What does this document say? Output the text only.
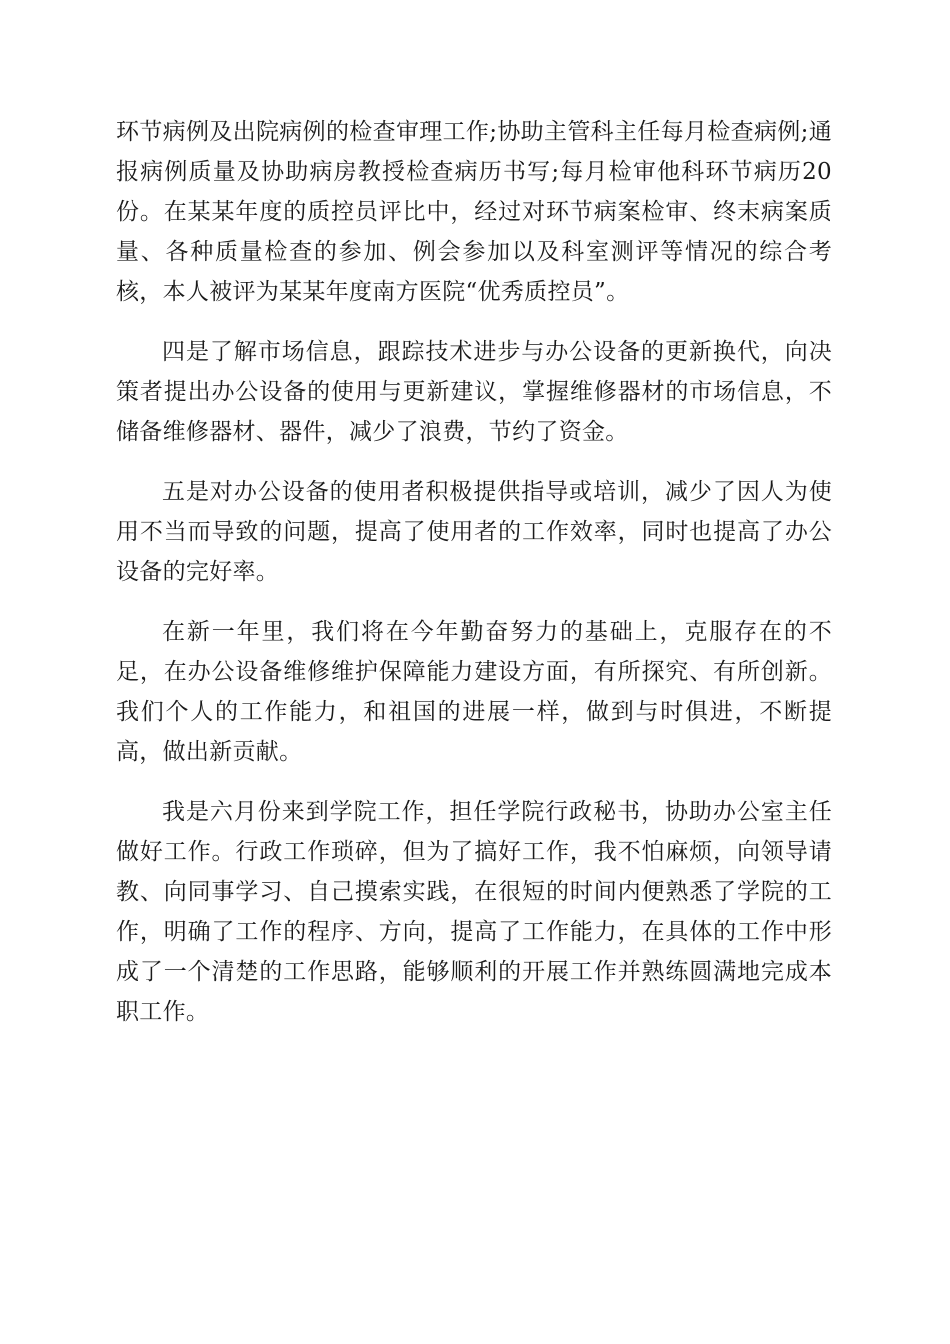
环节病例及出院病例的检查审理工作;协助主管科主任每月检查病例;通报病例质量及协助病房教授检查病历书写;每月检审他科环节病历20份。在某某年度的质控员评比中，经过对环节病案检审、终末病案质量、各种质量检查的参加、例会参加以及科室测评等情况的综合考核，本人被评为某某年度南方医院“优秀质控员”。

四是了解市场信息，跟踪技术进步与办公设备的更新换代，向决策者提出办公设备的使用与更新建议，掌握维修器材的市场信息，不储备维修器材、器件，减少了浪费，节约了资金。

五是对办公设备的使用者积极提供指导或培训，减少了因人为使用不当而导致的问题，提高了使用者的工作效率，同时也提高了办公设备的完好率。

在新一年里，我们将在今年勤奋努力的基础上，克服存在的不足，在办公设备维修维护保障能力建设方面，有所探究、有所创新。我们个人的工作能力，和祖国的进展一样，做到与时俱进，不断提高，做出新贡献。

我是六月份来到学院工作，担任学院行政秘书，协助办公室主任做好工作。行政工作琐碎，但为了搞好工作，我不怕麻烦，向领导请教、向同事学习、自己摸索实践，在很短的时间内便熟悉了学院的工作，明确了工作的程序、方向，提高了工作能力，在具体的工作中形成了一个清楚的工作思路，能够顺利的开展工作并熟练圆满地完成本职工作。
